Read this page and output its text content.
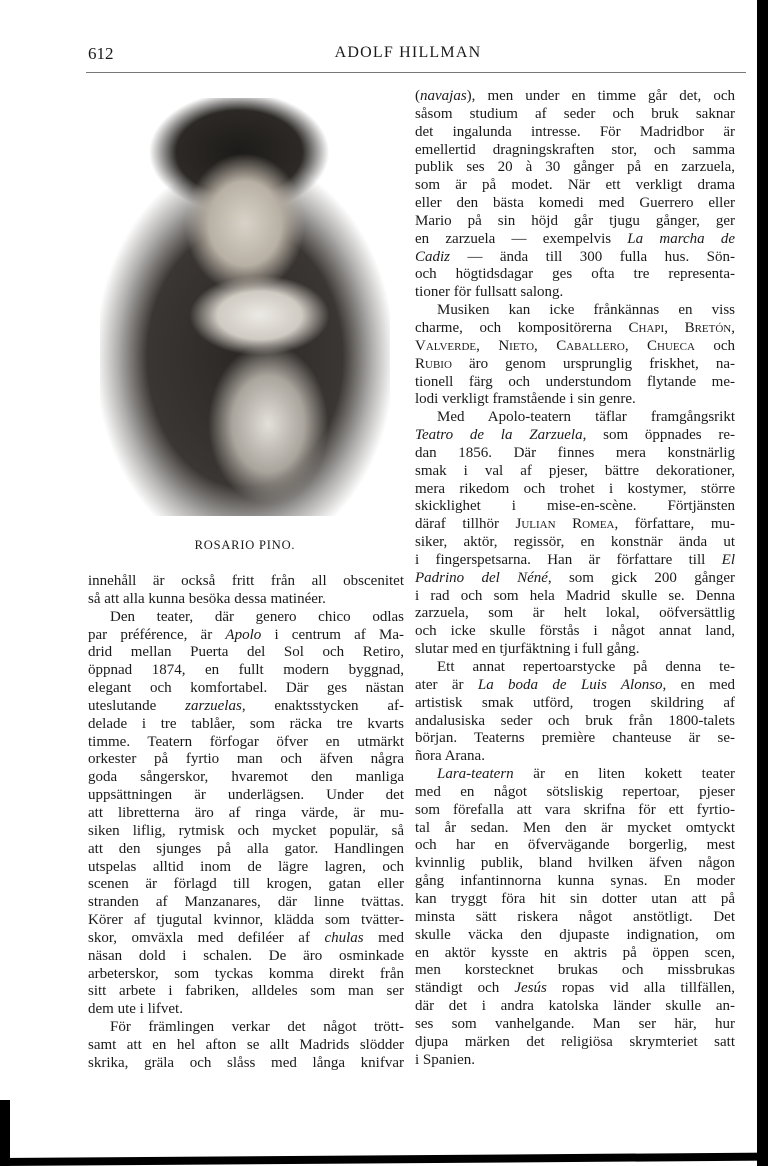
612	ADOLF HILLMAN
ROSARIO PINO.
innehåll är också fritt från all obscenitet
så att alla kunna besöka dessa matinéer.
Den teater, där genero chico odlas
par préférence, är Apolo i centrum af Ma-
drid mellan Puerta del Sol och Retiro,
öppnad 1874, en fullt modern byggnad,
elegant och komfortabel. Där ges nästan
uteslutande zarzuelas, enaktsstycken af-
delade i tre tablåer, som räcka tre kvarts
timme. Teatern förfogar öfver en utmärkt
orkester på fyrtio man och äfven några
goda sångerskor, hvaremot den manliga
uppsättningen är underlägsen. Under det
att libretterna äro af ringa värde, är mu-
siken liflig, rytmisk och mycket populär, så
att den sjunges på alla gator. Handlingen
utspelas alltid inom de lägre lagren, och
scenen är förlagd till krogen, gatan eller
stranden af Manzanares, där linne tvättas.
Körer af tjugutal kvinnor, klädda som tvätter-
skor, omväxla med defiléer af chulas med
näsan dold i schalen. De äro osminkade
arbeterskor, som tyckas komma direkt från
sitt arbete i fabriken, alldeles som man ser
dem ute i lifvet.
För främlingen verkar det något trött-
samt att en hel afton se allt Madrids slödder
skrika, gräla och slåss med långa knifvar
(navajas), men under en timme går det, och
såsom studium af seder och bruk saknar
det ingalunda intresse. För Madridbor är
emellertid dragningskraften stor, och samma
publik ses 20 à 30 gånger på en zarzuela,
som är på modet. När ett verkligt drama
eller den bästa komedi med Guerrero eller
Mario på sin höjd går tjugu gånger, ger
en zarzuela — exempelvis La marcha de
Cadiz — ända till 300 fulla hus. Sön-
och högtidsdagar ges ofta tre representa-
tioner för fullsatt salong.
Musiken kan icke frånkännas en viss
charme, och kompositörerna Chapi, Bretón,
Valverde, Nieto, Caballero, Chueca och
Rubio äro genom ursprunglig friskhet, na-
tionell färg och understundom flytande me-
lodi verkligt framstående i sin genre.
Med Apolo-teatern täflar framgångsrikt
Teatro de la Zarzuela, som öppnades re-
dan 1856. Där finnes mera konstnärlig
smak i val af pjeser, bättre dekorationer,
mera rikedom och trohet i kostymer, större
skicklighet i mise-en-scène. Förtjänsten
däraf tillhör Julian Romea, författare, mu-
siker, aktör, regissör, en konstnär ända ut
i fingerspetsarna. Han är författare till El
Padrino del Néné, som gick 200 gånger
i rad och som hela Madrid skulle se. Denna
zarzuela, som är helt lokal, oöfversättlig
och icke skulle förstås i något annat land,
slutar med en tjurfäktning i full gång.
Ett annat repertoarstycke på denna te-
ater är La boda de Luis Alonso, en med
artistisk smak utförd, trogen skildring af
andalusiska seder och bruk från 1800-talets
början. Teaterns première chanteuse är se-
ñora Arana.
Lara-teatern är en liten kokett teater
med en något sötsliskig repertoar, pjeser
som förefalla att vara skrifna för ett fyrtio-
tal år sedan. Men den är mycket omtyckt
och har en öfvervägande borgerlig, mest
kvinnlig publik, bland hvilken äfven någon
gång infantinnorna kunna synas. En moder
kan tryggt föra hit sin dotter utan att på
minsta sätt riskera något anstötligt. Det
skulle väcka den djupaste indignation, om
en aktör kysste en aktris på öppen scen,
men korstecknet brukas och missbrukas
ständigt och Jesús ropas vid alla tillfällen,
där det i andra katolska länder skulle an-
ses som vanhelgande. Man ser här, hur
djupa märken det religiösa skrymteriet satt
i Spanien.
